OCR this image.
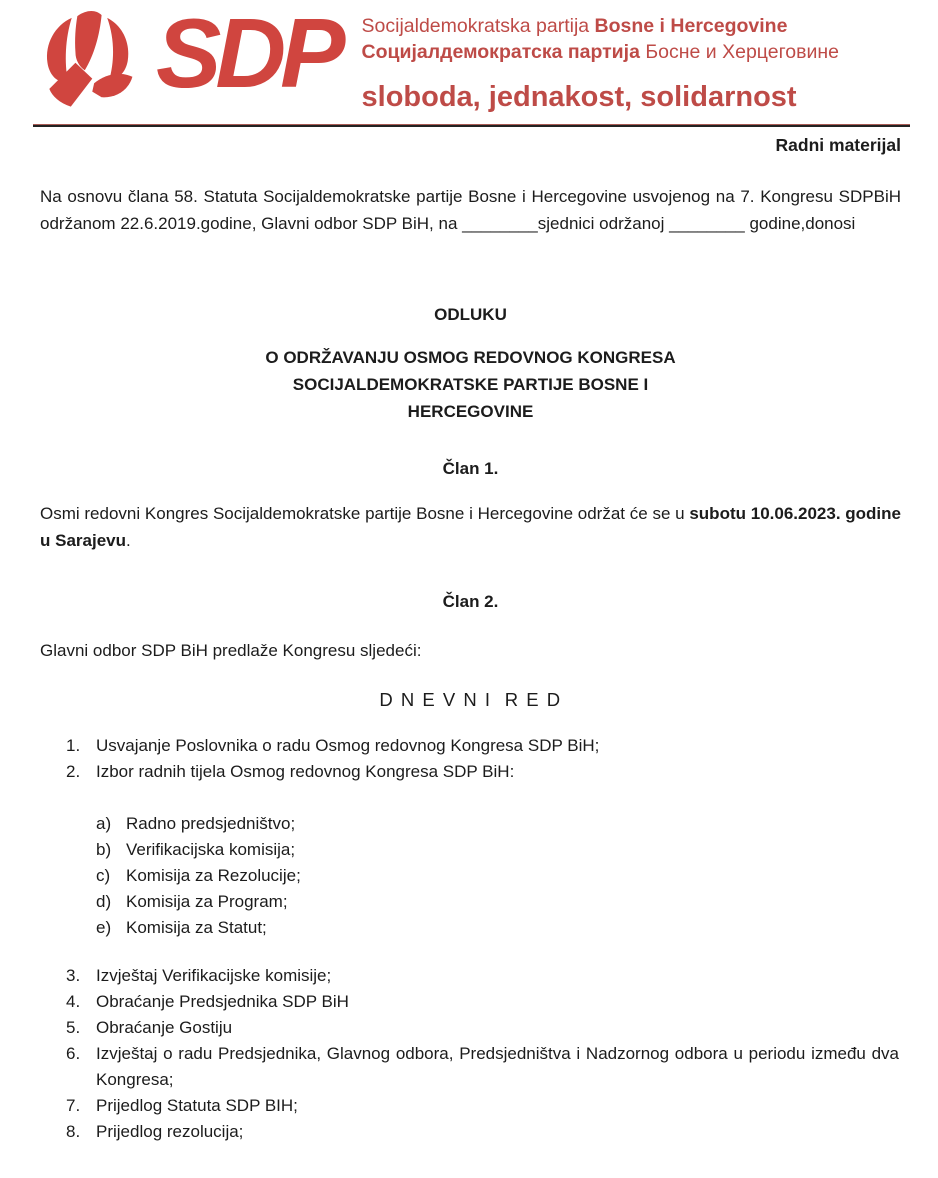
SDP Socijaldemokratska partija Bosne i Hercegovine
Социјалдемократска партија Босне и Херцеговине
sloboda, jednakost, solidarnost
Radni materijal

Na osnovu člana 58. Statuta Socijaldemokratske partije Bosne i Hercegovine usvojenog na 7. Kongresu SDPBiH održanom 22.6.2019.godine, Glavni odbor SDP BiH, na ________sjednici održanoj ________ godine,donosi

ODLUKU
O ODRŽAVANJU OSMOG REDOVNOG KONGRESA
SOCIJALDEMOKRATSKE PARTIJE BOSNE I
HERCEGOVINE
Član 1.

Osmi redovni Kongres Socijaldemokratske partije Bosne i Hercegovine održat će se u subotu 10.06.2023. godine u Sarajevu.

Član 2.

Glavni odbor SDP BiH predlaže Kongresu sljedeći:

D N E V N I  R E D
1. Usvajanje Poslovnika o radu Osmog redovnog Kongresa SDP BiH;
2. Izbor radnih tijela Osmog redovnog Kongresa SDP BiH:
a) Radno predsjedništvo;
b) Verifikacijska komisija;
c) Komisija za Rezolucije;
d) Komisija za Program;
e) Komisija za Statut;
3. Izvještaj Verifikacijske komisije;
4. Obraćanje Predsjednika SDP BiH
5. Obraćanje Gostiju
6. Izvještaj o radu Predsjednika, Glavnog odbora, Predsjedništva i Nadzornog odbora u periodu između dva Kongresa;
7. Prijedlog Statuta SDP BIH;
8. Prijedlog rezolucija;
